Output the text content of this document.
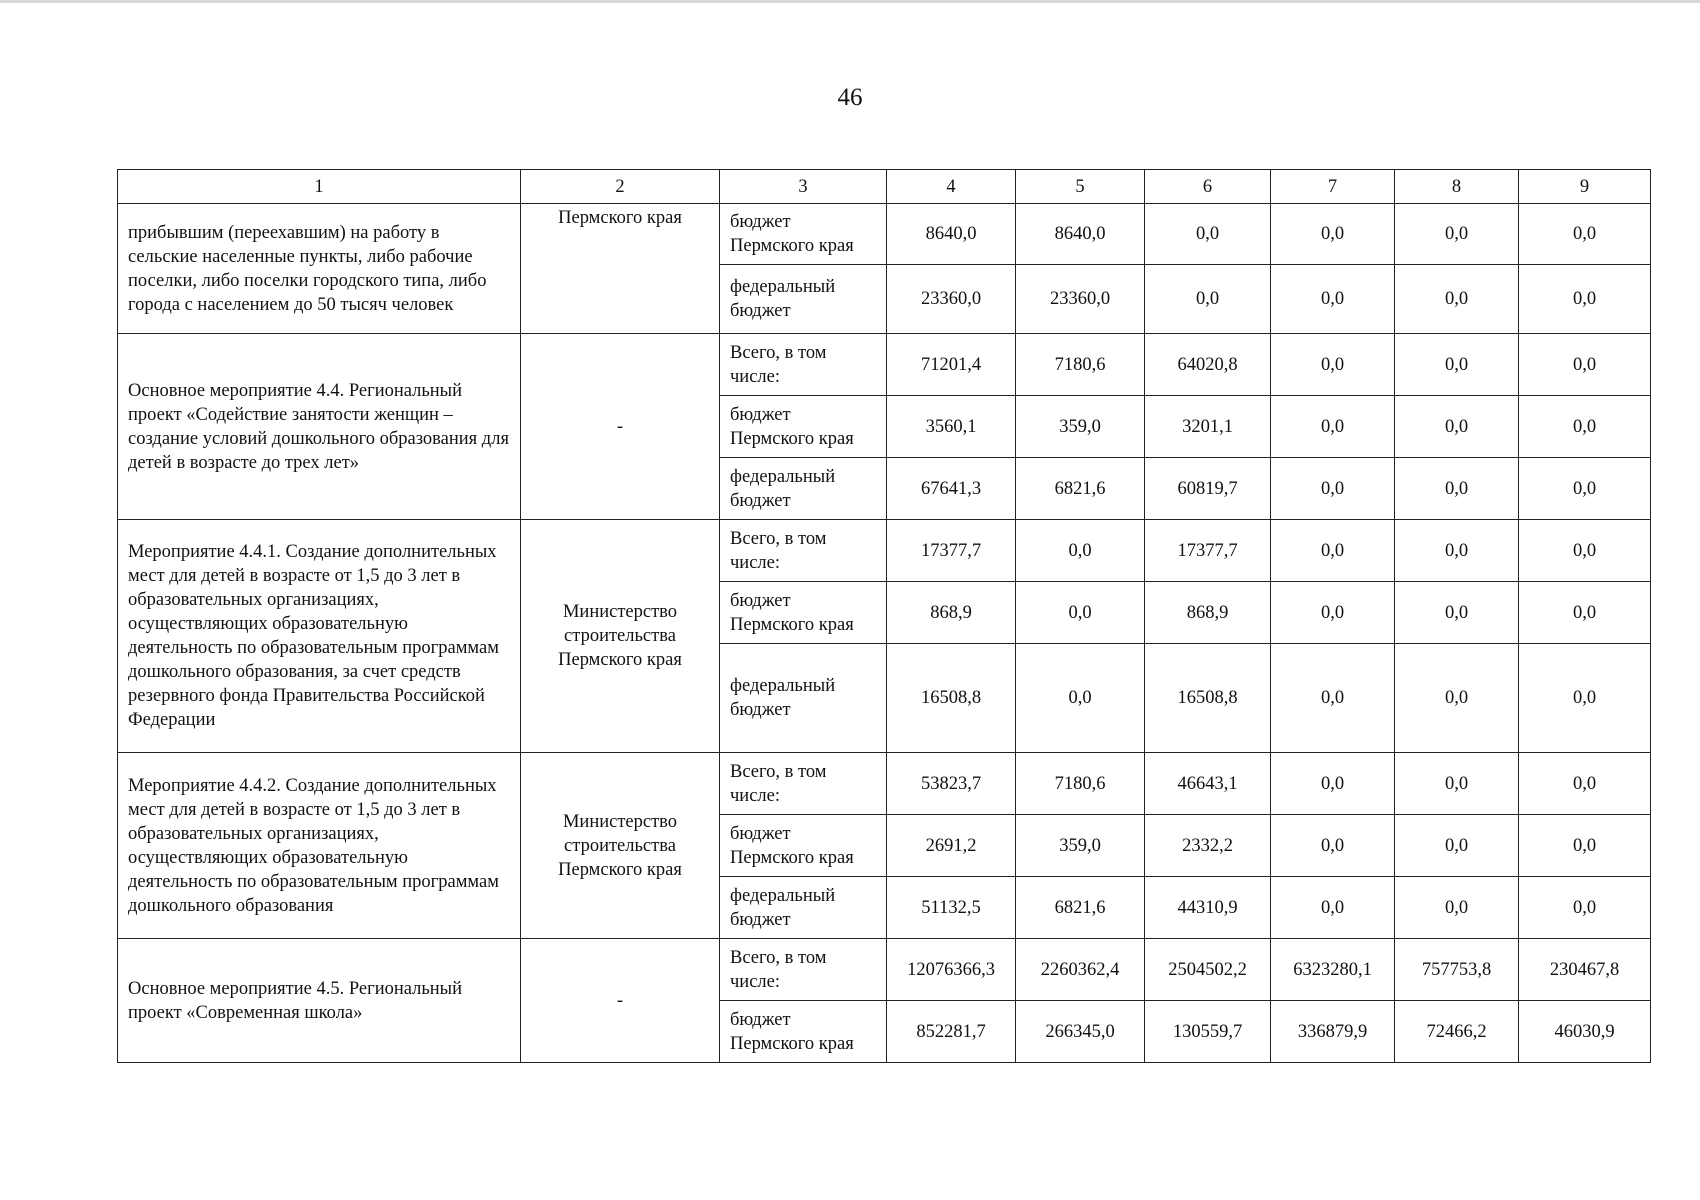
46
1	2	3	4	5	6	7	8	9
прибывшим (переехавшим) на работу в сельские населенные пункты, либо рабочие поселки, либо поселки городского типа, либо города с населением до 50 тысяч человек	Пермского края	бюджет Пермского края	8640,0	8640,0	0,0	0,0	0,0	0,0
		федеральный бюджет	23360,0	23360,0	0,0	0,0	0,0	0,0
Основное мероприятие 4.4. Региональный проект «Содействие занятости женщин – создание условий дошкольного образования для детей в возрасте до трех лет»	-	Всего, в том числе:	71201,4	7180,6	64020,8	0,0	0,0	0,0
		бюджет Пермского края	3560,1	359,0	3201,1	0,0	0,0	0,0
		федеральный бюджет	67641,3	6821,6	60819,7	0,0	0,0	0,0
Мероприятие 4.4.1. Создание дополнительных мест для детей в возрасте от 1,5 до 3 лет в образовательных организациях, осуществляющих образовательную деятельность по образовательным программам дошкольного образования, за счет средств резервного фонда Правительства Российской Федерации	Министерство строительства Пермского края	Всего, в том числе:	17377,7	0,0	17377,7	0,0	0,0	0,0
		бюджет Пермского края	868,9	0,0	868,9	0,0	0,0	0,0
		федеральный бюджет	16508,8	0,0	16508,8	0,0	0,0	0,0
Мероприятие 4.4.2. Создание дополнительных мест для детей в возрасте от 1,5 до 3 лет в образовательных организациях, осуществляющих образовательную деятельность по образовательным программам дошкольного образования	Министерство строительства Пермского края	Всего, в том числе:	53823,7	7180,6	46643,1	0,0	0,0	0,0
		бюджет Пермского края	2691,2	359,0	2332,2	0,0	0,0	0,0
		федеральный бюджет	51132,5	6821,6	44310,9	0,0	0,0	0,0
Основное мероприятие 4.5. Региональный проект «Современная школа»	-	Всего, в том числе:	12076366,3	2260362,4	2504502,2	6323280,1	757753,8	230467,8
		бюджет Пермского края	852281,7	266345,0	130559,7	336879,9	72466,2	46030,9
